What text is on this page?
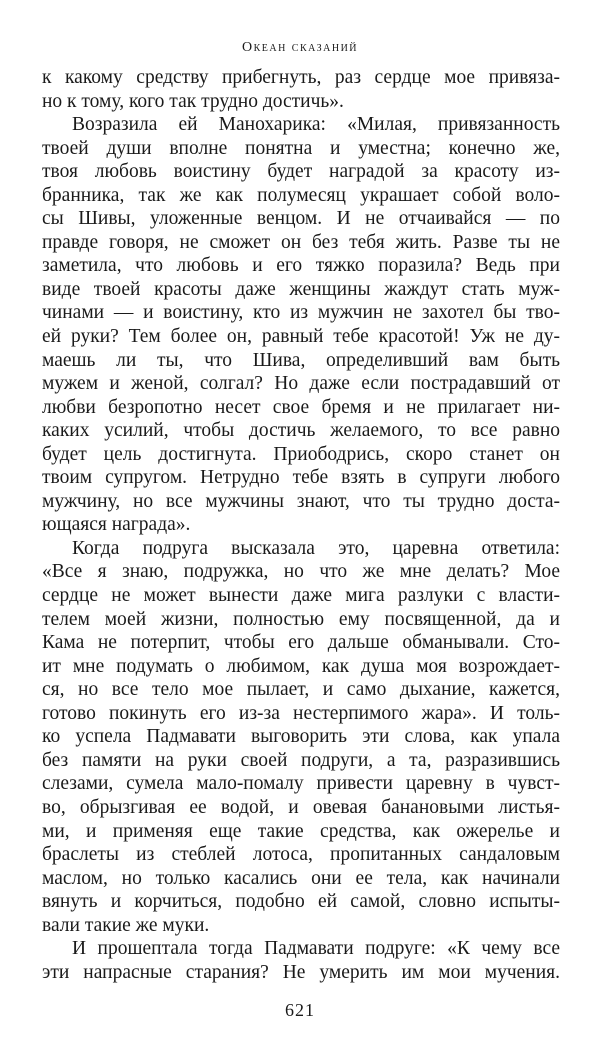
Океан сказаний
к какому средству прибегнуть, раз сердце мое привяза-
но к тому, кого так трудно достичь».
Возразила ей Манохарика: «Милая, привязанность
твоей души вполне понятна и уместна; конечно же,
твоя любовь воистину будет наградой за красоту из-
бранника, так же как полумесяц украшает собой воло-
сы Шивы, уложенные венцом. И не отчаивайся — по
правде говоря, не сможет он без тебя жить. Разве ты не
заметила, что любовь и его тяжко поразила? Ведь при
виде твоей красоты даже женщины жаждут стать муж-
чинами — и воистину, кто из мужчин не захотел бы тво-
ей руки? Тем более он, равный тебе красотой! Уж не ду-
маешь ли ты, что Шива, определивший вам быть
мужем и женой, солгал? Но даже если пострадавший от
любви безропотно несет свое бремя и не прилагает ни-
каких усилий, чтобы достичь желаемого, то все равно
будет цель достигнута. Приободрись, скоро станет он
твоим супругом. Нетрудно тебе взять в супруги любого
мужчину, но все мужчины знают, что ты трудно доста-
ющаяся награда».
Когда подруга высказала это, царевна ответила:
«Все я знаю, подружка, но что же мне делать? Мое
сердце не может вынести даже мига разлуки с власти-
телем моей жизни, полностью ему посвященной, да и
Кама не потерпит, чтобы его дальше обманывали. Сто-
ит мне подумать о любимом, как душа моя возрождает-
ся, но все тело мое пылает, и само дыхание, кажется,
готово покинуть его из-за нестерпимого жара». И толь-
ко успела Падмавати выговорить эти слова, как упала
без памяти на руки своей подруги, а та, разразившись
слезами, сумела мало-помалу привести царевну в чувст-
во, обрызгивая ее водой, и овевая банановыми листья-
ми, и применяя еще такие средства, как ожерелье и
браслеты из стеблей лотоса, пропитанных сандаловым
маслом, но только касались они ее тела, как начинали
вянуть и корчиться, подобно ей самой, словно испыты-
вали такие же муки.
И прошептала тогда Падмавати подруге: «К чему все
эти напрасные старания? Не умерить им мои мучения.
621
